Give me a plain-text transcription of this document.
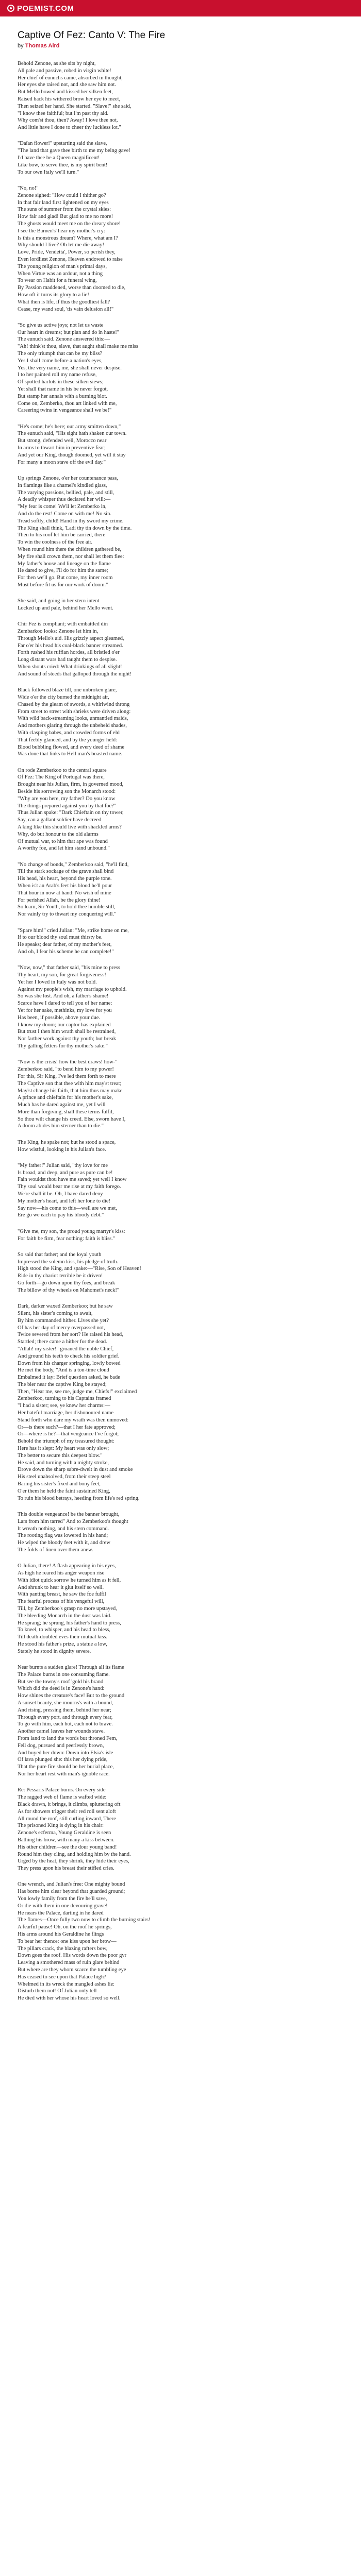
POEMIST.COM
Captive Of Fez: Canto V: The Fire
by Thomas Aird
Behold Zenone, as she sits by night,
All pale and passive, robed in virgin white!
Her chief of eunuchs came, absorbed in thought,
Her eyes she raised not, and she saw him not.
But Mello bowed and kissed her silken feet,
Raised back his withered brow her eye to meet,
Then seized her hand. She started. "Slave!" she said,
"I know thee faithful; but I'm past thy aid.
Why com'st thou, then? Away! I love thee not,
And little have I done to cheer thy luckless lot."
"Daïan flower!" upstarting said the slave,
"The land that gave thee birth to me my being gave!
I'd have thee be a Queen magnificent!
Like bow, to serve thee, is my spirit bent!
To our own Italy we'll turn."
"No, no!"
Zenone sighed: "How could I thither go?
In that fair land first lightened on my eyes
The suns of summer from the crystal skies:
How fair and glad! But glad to me no more!
The ghosts would meet me on the dreary shore!
I see the Barnen's' hear my mother's cry:
Is this a monstrous dream? Where, what am I?
Why should I live? Oh let me die away!
Love, Pride, Vendetta', Power, so perish they,
Even lordliest Zenone, Heaven endowed to raise
The young religion of man's primal days,
When Virtue was an ardour, not a thing
To wear on Habit for a funeral wing,
By Passion maddened, worse than doomed to die,
How oft it turns its glory to a lie!
What then is life, if thus the goodliest fall?
Cease, my wand soul, 'tis vain delusion all!"
"So give us active joys; not let us waste
Our heart in dreams; but plan and do in haste!"
The eunuch said. Zenone answered this:—
"Ah! think'st thou, slave, that aught shall make me miss
The only triumph that can be my bliss?
Yes I shall come before a nation's eyes,
Yes, the very name, me, she shall never despise.
I to her painted roll my name refuse,
Of spotted harlots in these silken siews;
Yet shall that name in his be never forgot,
But stamp her annals with a burning blot.
Come on, Zemberko, thou art linked with me,
Careering twins in vengeance shall we be!"
"He's come; he's here; our army smitten down,"
The eunuch said, "His sight hath shaken our town.
But strong, defended well, Morocco near
In arms to thwart him in preventive fear;
And yet our King, though doomed, yet will it stay
For many a moon stave off the evil day."
Up springs Zenone, o'er her countenance pass,
In flamings like a charnel's kindled glass,
The varying passions, bellied, pale, and still,
A deadly whisper thus declared her will:—
"My fear is come! We'll let Zemberko in,
And do the rest! Come on with me! No sin.
Tread softly, child! Hand in thy sword my crime.
The King shall think, 'Ladi thy tin down by the time.
Then to his roof let him be carried, there
To win the coolness of the free air.
When round him there the children gathered be,
My fire shall crown them, nor shall let them flee:
My father's house and lineage on the flame
He dared to give, I'll do for him the same;
For then we'll go. But come, my inner room
Must before fit us for our work of doom."
She said, and going in her stern intent
Locked up and pale, behind her Mello went.
Chir Fez is compliant; with embattled din
Zembarkoo looks: Zenone let him in,
Through Mello's aid. His grizzly aspect gleamed,
Far o'er his head his coal-black banner streamed.
Forth rushed his ruffian hordes, all bristled o'er
Long distant wars had taught them to despise.
When shouts cried: What drinkings of all slight!
And sound of steeds that galloped through the night!
Black followed blaze till, one unbroken glare,
Wide o'er the city burned the midnight air,
Chased by the gleam of swords, a whirlwind throng
From street to street with shrieks were driven along:
With wild back-streaming looks, unmantled maids,
And mothers glaring through the unbeheld shades,
With clasping babes, and crowded forms of eld
That feebly glanced, and by the younger held:
Blood bubbling flowed, and every deed of shame
Was done that links to Hell man's boasted name.
On rode Zemberkoo to the central square
Of Fez: The King of Portugal was there,
Brought near his Julian, firm, in governed mood,
Beside his sorrowing son the Monarch stood:
"Why are you here, my father? Do you know
The things prepared against you by that foe?"
Thus Julian spake: "Dark Chieftain on thy tower,
Say, can a gallant soldier have decreed
A king like this should live with shackled arms?
Why, do but honour to the old alarms
Of mutual war, to him that ape was found
A worthy foe, and let him stand unbound."
"No change of bonds," Zemberkoo said, "he'll find,
Till the stark sockage of the grave shall bind
His head, his heart, beyond the purple tone.
When is't an Arab's feet his blood he'll pour
That hour in now at hand: No wish of mine
For perished Allah, be the glory thine!
So learn, Sir Youth, to hold thee humble still,
Nor vainly try to thwart my conquering will."
"Spare him!" cried Julian: "Me, strike home on me,
If to our blood thy soul must thirsty be.
He speaks; dear father, of my mother's feet,
And oh, I fear his scheme he can complete!"
"Now, now," that father said, "his mine to press
Thy heart, my son, for great forgiveness!
Yet her I loved in Italy was not bold.
Against my people's wish, my marriage to uphold.
So was she lost. And oh, a father's shame!
Scarce have I dared to tell you of her name:
Yet for her sake, methinks, my love for you
Has been, if possible, above your due.
I know my doom; our captor has explained
But trust I then him wrath shall be restrained,
Nor farther work against thy youth; but break
Thy galling fetters for thy mother's sake."
"Now is the crisis! how the best draws! how-"
Zemberkoo said, "to bend him to my power!
For this, Sir King, I've led them forth to mere
The Captive son that thee with him may'st treat;
May'st change his faith, that him thus may make
A prince and chieftain for his mother's sake,
Much has he dared against me, yet I will
More than forgiving, shall these terms fulfil,
So thou wilt change his creed. Else, sworn have I,
A doom abides him sterner than to die."
The King, he spake not; but he stood a space,
How wistful, looking in his Julian's face.
"My father!" Julian said, "thy love for me
Is broad, and deep, and pure as pure can be!
Fain wouldst thou have me saved; yet well I know
Thy soul would bear me rise at my faith forego.
We're shall it be. Oh, I have dared deny
My mother's heart, and left her lone to die!
Say now—his come to this—well are we met,
Ere go we each to pay his bloody debt."
"Give me, my son, the proud young martyr's kiss:
For faith be firm, fear nothing: faith is bliss."
So said that father; and the loyal youth
Impressed the solemn kiss, his pledge of truth.
High stood the King, and spake:—"Rise, Son of Heaven!
Ride in thy chariot terrible be it driven!
Go forth—go down upon thy foes, and break
The billow of thy wheels on Mahomet's neck!"
Dark, darker waxed Zemberkoo; but he saw
Silent, his sister's coming to await,
By him commanded hither. Lives she yet?
Of has her day of mercy overpassed not,
Twice severed from her sort? He raised his head,
Startled; there came a hither for the dead.
"Allah! my sister!" groaned the noble Chief,
And ground his teeth to check his soldier grief.
Down from his charger springing, lowly bowed
He met the body, "And is a ton-time cloud
Embalmed it lay: Brief question asked, he bade
The bier near the captive King be stayed;
Then, "Hear me, see me, judge me, Chiefs!" exclaimed
Zemberkoo, turning to his Captains framed
"I had a sister; see, ye knew her charms:—
Her hateful marriage, her dishonoured name
Stand forth who dare my wrath was then unmoved:
Or—is there such?—that I her fate approved;
Or—where is he?—that vengeance I've forgot;
Behold the triumph of my treasured thought:
Here has it slept: My heart was only slow;
The better to secure this deepest blow."
He said, and turning with a mighty stroke,
Drove down the sharp sabre-dwelt in dust and smoke
His steel unabsolved, from their steep steel
Baring his sister's fixed and bony feet,
O'er them he held the faint sustained King,
To ruin his blood betrays, heeding from life's red spring.
This double vengeance! be the banner brought,
Lars from him tarred" And to Zemberkoo's thought
It wreath nothing, and his stern command.
The rooting flag was lowered in his hand;
He wiped the bloody feet with it, and drew
The folds of linen over them anew.
O Julian, there! A flash appearing in his eyes,
As high he reared his anger weapon rise
With idiot quick sorrow he turned him as it fell,
And shrunk to hear it glut itself so well.
With panting breast, he saw the foe fulfil
The fearful process of his vengeful will,
Till, by Zemberkoo's grasp no more upstayed,
The bleeding Monarch in the dust was laid.
He sprang; he sprung, his father's hand to press,
To kneel, to whisper, and his head to bless,
Till death-doubled eves their mutual kiss.
He stood his father's prize, a statue a low,
Stately he stood in dignity severe.
Near burnts a sudden glare! Through all its flame
The Palace burns in one consuming flame.
But see the towny's roof 'gold his brand
Which did the deed is in Zenone's hand:
How shines the creature's face! But to the ground
A sunset beauty, she mourns's with a bound,
And rising, pressing them, behind her near;
Through every port, and through every fear,
To go with him, each hot, each not to brave.
Another camel leaves her wounds stave.
From land to land the words but throned Fem,
Fell dog, pursued and peerlessly brown,
And buyed her down: Down into Elsia's isle
Of lava plunged she: this her dying pride,
That the pure fire should be her burial place,
Nor her heart rest with man's ignoble race.
Re: Pessaris Palace burns. On every side
The ragged web of flame is wafted wide:
Black drawn, it brings, it climbs, spluttering oft
As for showers trigger their red roll sent aloft
All round the roof, still curling inward, There
The prisoned King is dying in his chair:
Zenone's ecferma, Young Geraldine is seen
Bathing his brow, with many a kiss between.
His other children—see the dour young band!
Round him they cling, and holding him by the hand.
Urged by the heat, they shrink, they hide their eyes,
They press upon his breast their stifled cries.
One wrench, and Julian's free: One mighty bound
Has borne him clear beyond that guarded ground;
Yon lowly family from the fire he'll save,
Or die with them in one devouring grave!
He nears the Palace, darting in he dared
The flames—Once fully two now to climb the burning stairs!
A fearful pause! Oh, on the roof he springs,
His arms around his Geraldine he flings
To bear her thence: one kiss upon her brow—
The pillars crack, the blazing rafters bow,
Down goes the roof. His words down the poor gyr
Leaving a smothered mass of ruin glare behind
But where are they whom scarce the tumbling eye
Has ceased to see upon that Palace high?
Whelmed in its wreck the mangled ashes lie:
Disturb them not! Of Julian only tell
He died with her whose his heart loved so well.
